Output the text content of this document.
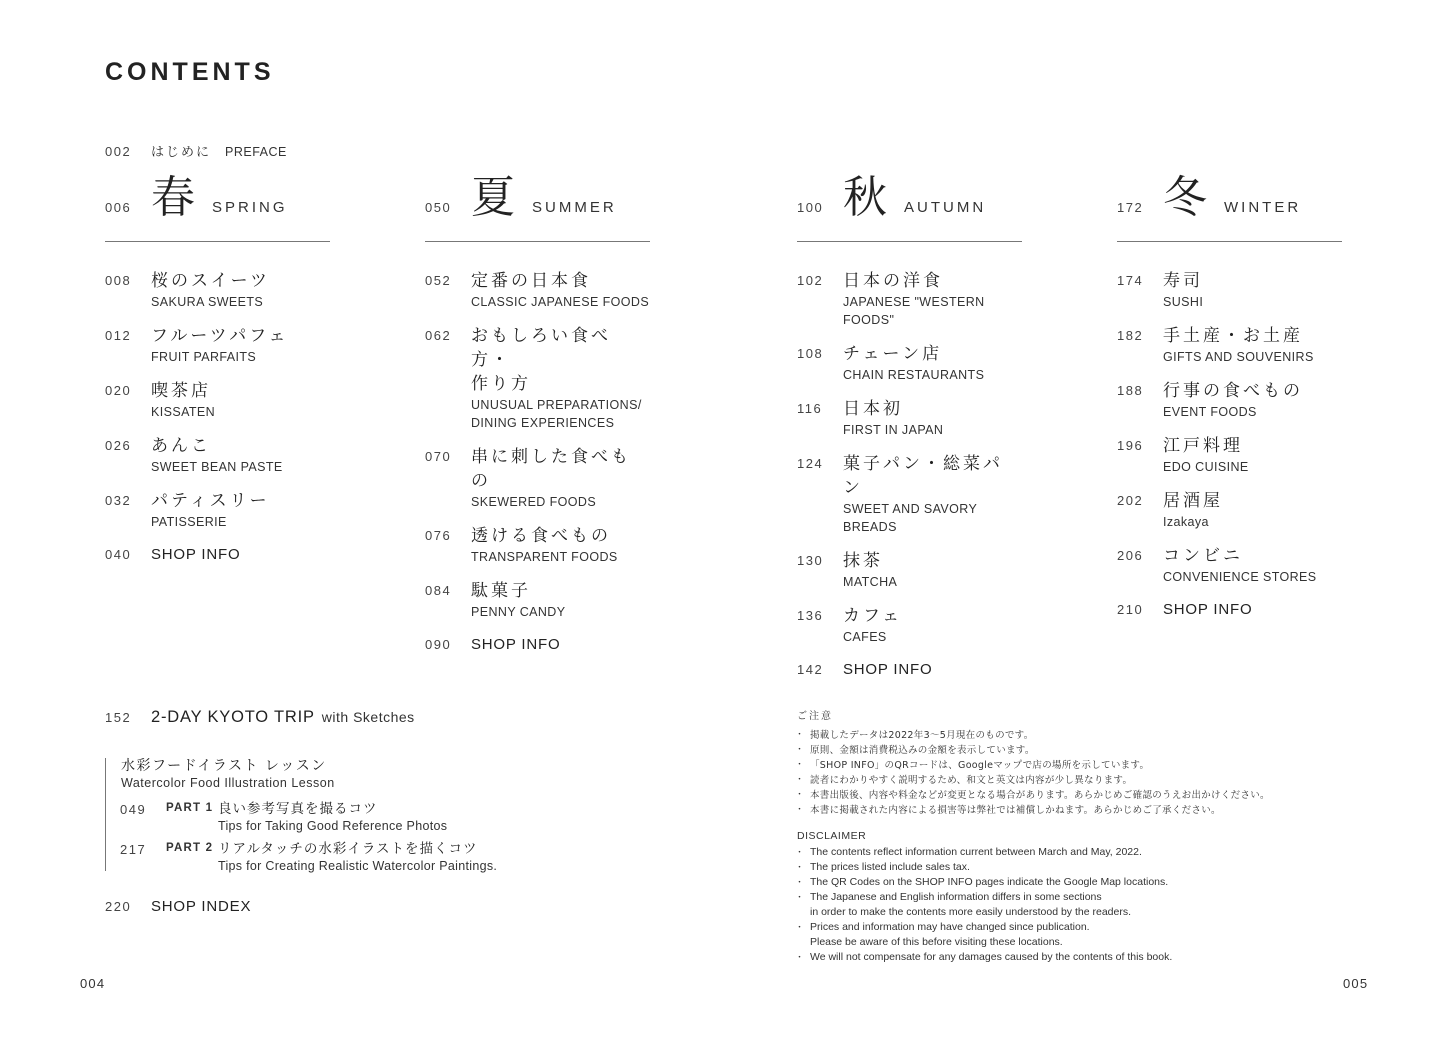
CONTENTS
002	はじめに PREFACE
006 春 SPRING
008 桜のスイーツ
SAKURA SWEETS
012 フルーツパフェ
FRUIT PARFAITS
020 喫茶店
KISSATEN
026 あんこ
SWEET BEAN PASTE
032 パティスリー
PATISSERIE
040 SHOP INFO
050 夏 SUMMER
052 定番の日本食
CLASSIC JAPANESE FOODS
062 おもしろい食べ方・
作り方
UNUSUAL PREPARATIONS/
DINING EXPERIENCES
070 串に刺した食べもの
SKEWERED FOODS
076 透ける食べもの
TRANSPARENT FOODS
084 駄菓子
PENNY CANDY
090 SHOP INFO
100 秋 AUTUMN
102 日本の洋食
JAPANESE "WESTERN FOODS"
108 チェーン店
CHAIN RESTAURANTS
116 日本初
FIRST IN JAPAN
124 菓子パン・総菜パン
SWEET AND SAVORY BREADS
130 抹茶
MATCHA
136 カフェ
CAFES
142 SHOP INFO
172 冬 WINTER
174 寿司
SUSHI
182 手土産・お土産
GIFTS AND SOUVENIRS
188 行事の食べもの
EVENT FOODS
196 江戸料理
EDO CUISINE
202 居酒屋
Izakaya
206 コンビニ
CONVENIENCE STORES
210 SHOP INFO
152	2-DAY KYOTO TRIP with Sketches
水彩フードイラスト レッスン
Watercolor Food Illustration Lesson
049 PART 1 良い参考写真を撮るコツ
Tips for Taking Good Reference Photos
217 PART 2 リアルタッチの水彩イラストを描くコツ
Tips for Creating Realistic Watercolor Paintings.
220	SHOP INDEX
ご注意
・ 掲載したデータは2022年3〜5月現在のものです。
・ 原則、金額は消費税込みの金額を表示しています。
・ 「SHOP INFO」のQRコードは、Googleマップで店の場所を示しています。
・ 読者にわかりやすく説明するため、和文と英文は内容が少し異なります。
・ 本書出版後、内容や料金などが変更となる場合があります。あらかじめご確認のうえお出かけください。
・ 本書に掲載された内容による損害等は弊社では補償しかねます。あらかじめご了承ください。
DISCLAIMER
・ The contents reflect information current between March and May, 2022.
・ The prices listed include sales tax.
・ The QR Codes on the SHOP INFO pages indicate the Google Map locations.
・ The Japanese and English information differs in some sections
in order to make the contents more easily understood by the readers.
・ Prices and information may have changed since publication.
Please be aware of this before visiting these locations.
・ We will not compensate for any damages caused by the contents of this book.
004	005
